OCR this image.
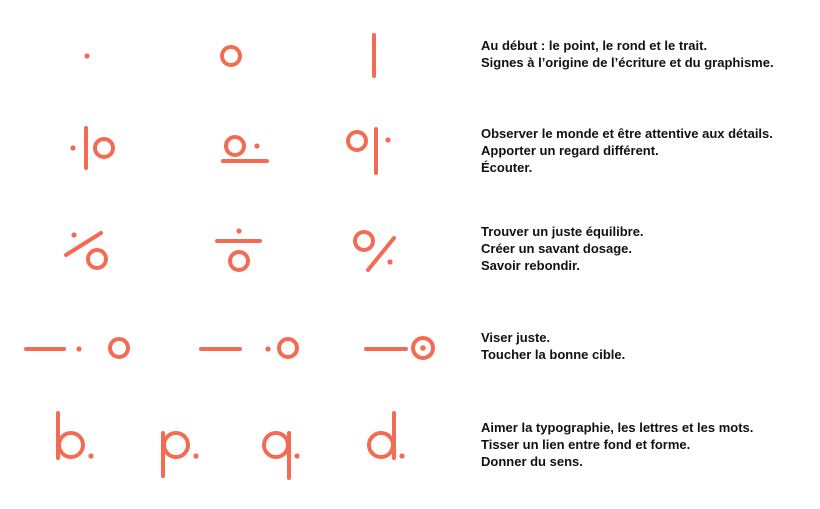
Au début : le point, le rond et le trait.
Signes à l’origine de l’écriture et du graphisme.
Observer le monde et être attentive aux détails.
Apporter un regard différent.
Écouter.
Trouver un juste équilibre.
Créer un savant dosage.
Savoir rebondir.
Viser juste.
Toucher la bonne cible.
Aimer la typographie, les lettres et les mots.
Tisser un lien entre fond et forme.
Donner du sens.
